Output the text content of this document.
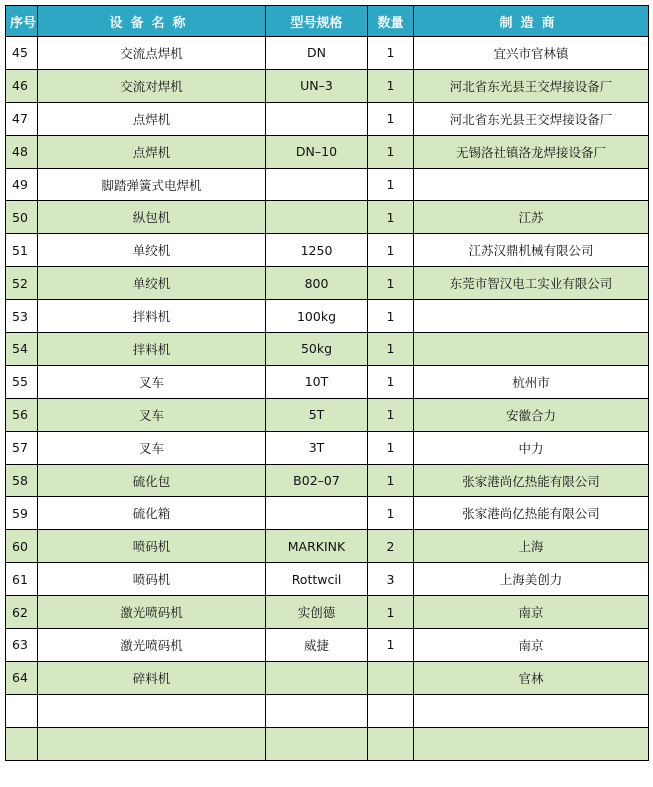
序号	设备名称	型号规格	数量	制造商
45	交流点焊机	DN	1	宜兴市官林镇
46	交流对焊机	UN–3	1	河北省东光县王交焊接设备厂
47	点焊机		1	河北省东光县王交焊接设备厂
48	点焊机	DN–10	1	无锡洛社镇洛龙焊接设备厂
49	脚踏弹簧式电焊机		1	
50	纵包机		1	江苏
51	单绞机	1250	1	江苏汉鼎机械有限公司
52	单绞机	800	1	东莞市智汉电工实业有限公司
53	拌料机	100kg	1	
54	拌料机	50kg	1	
55	叉车	10T	1	杭州市
56	叉车	5T	1	安徽合力
57	叉车	3T	1	中力
58	硫化包	B02–07	1	张家港尚亿热能有限公司
59	硫化箱		1	张家港尚亿热能有限公司
60	喷码机	MARKINK	2	上海
61	喷码机	Rottwcil	3	上海美创力
62	激光喷码机	实创德	1	南京
63	激光喷码机	威捷	1	南京
64	碎料机			官林
